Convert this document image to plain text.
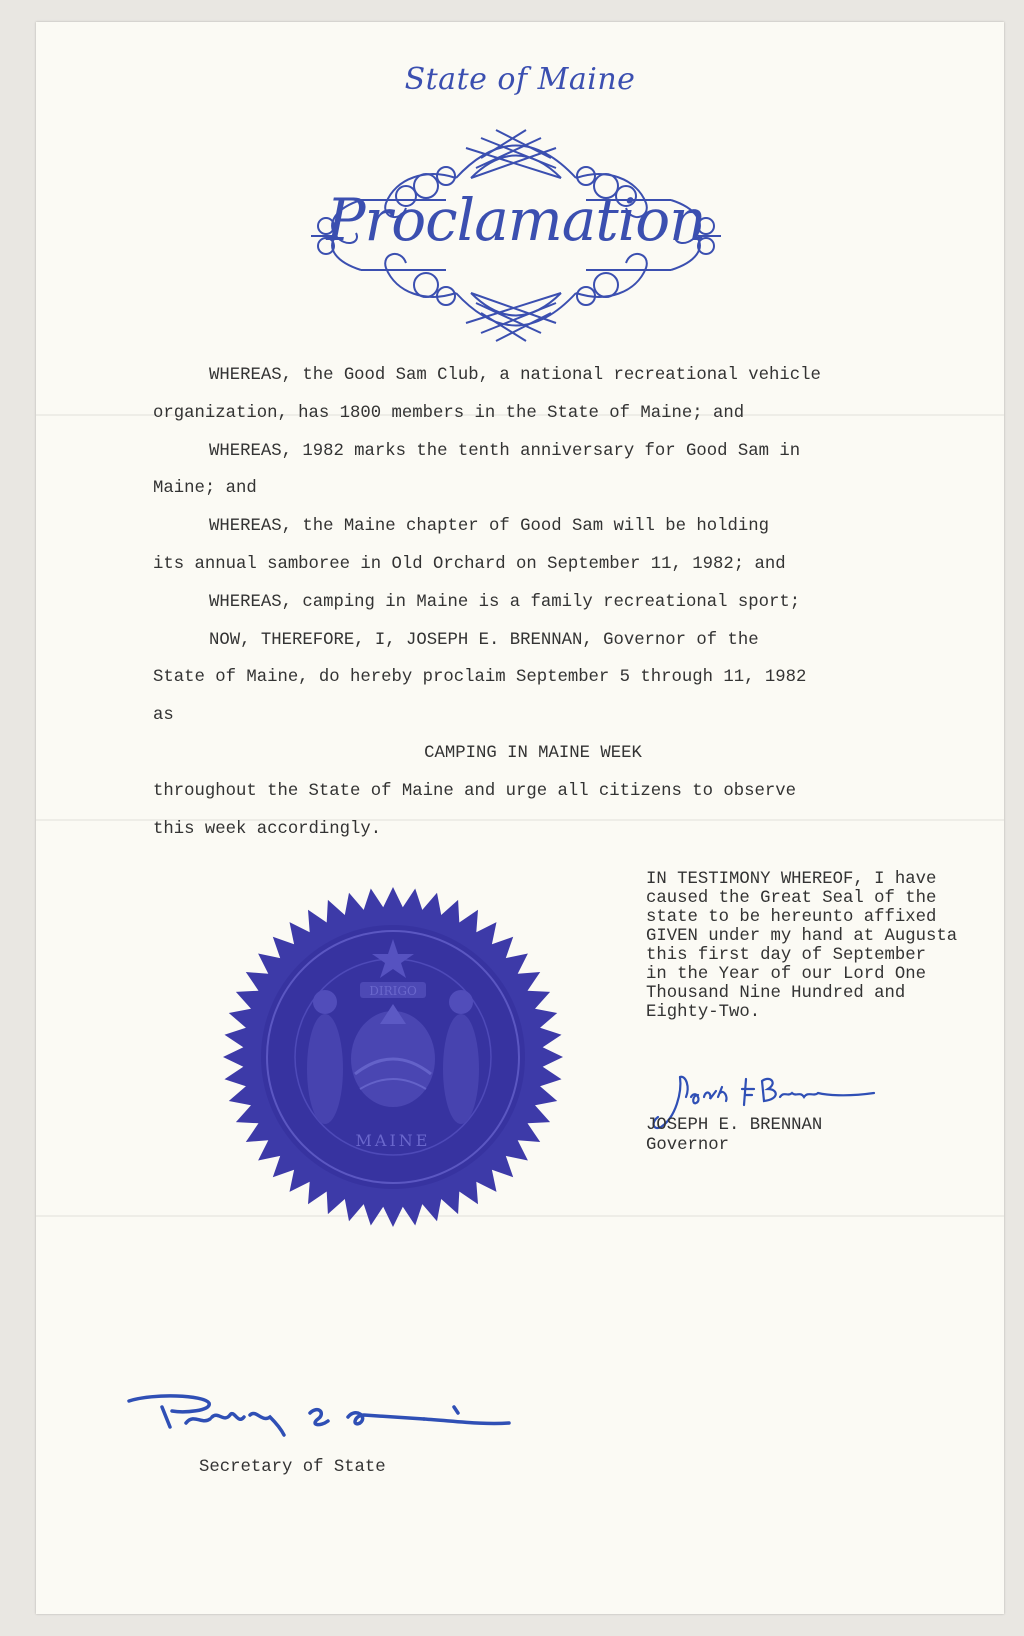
State of Maine
Proclamation

WHEREAS, the Good Sam Club, a national recreational vehicle

organization, has 1800 members in the State of Maine; and

WHEREAS, 1982 marks the tenth anniversary for Good Sam in

Maine; and

WHEREAS, the Maine chapter of Good Sam will be holding

its annual samboree in Old Orchard on September 11, 1982; and

WHEREAS, camping in Maine is a family recreational sport;

NOW, THEREFORE, I, JOSEPH E. BRENNAN, Governor of the

State of Maine, do hereby proclaim September 5 through 11, 1982

as

CAMPING IN MAINE WEEK

throughout the State of Maine and urge all citizens to observe

this week accordingly.

IN TESTIMONY WHEREOF, I have
caused the Great Seal of the
state to be hereunto affixed
GIVEN under my hand at Augusta
this first day of September
in the Year of our Lord One
Thousand Nine Hundred and
Eighty-Two.
DIRIGO
MAINE
JOSEPH E. BRENNAN
Governor
Secretary of State
